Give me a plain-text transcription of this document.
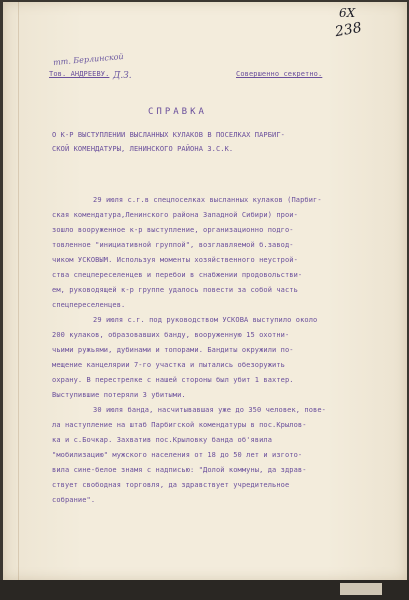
тт. Берлинской
Д.З.
6Х
238
Тов. АНДРЕЕВУ.	Совершенно секретно.
СПРАВКА
О К-Р ВЫСТУПЛЕНИИ ВЫСЛАННЫХ КУЛАКОВ В ПОСЕЛКАХ ПАРБИГ-
СКОЙ КОМЕНДАТУРЫ, ЛЕНИНСКОГО РАЙОНА З.С.К.
29 июля с.г.в спецпоселках высланных кулаков (Парбиг-
ская комендатура,Ленинского района Западной Сибири) прои-
зошло вооруженное к-р выступление, организационно подго-
товленное "инициативной группой", возглавляемой б.завод-
чиком УСКОВЫМ. Используя моменты хозяйственного неустрой-
ства спецпереселенцев и перебои в снабжении продовольстви-
ем, руководящей к-р группе удалось повести за собой часть
спецпереселенцев.
29 июля с.г. под руководством УСКОВА выступило около
200 кулаков, образовавших банду, вооруженную 15 охотни-
чьими ружьями, дубинами и топорами. Бандиты окружили по-
мещение канцелярии 7-го участка и пытались обезоружить
охрану. В перестрелке с нашей стороны был убит 1 вахтер.
Выступившие потеряли 3 убитыми.
30 июля банда, насчитывавшая уже до 350 человек, пове-
ла наступление на штаб Парбигской комендатуры в пос.Крылов-
ка и с.Бочкар. Захватив пос.Крыловку банда об'явила
"мобилизацию" мужского населения от 18 до 50 лет и изгото-
вила сине-белое знамя с надписью: "Долой коммуны, да здрав-
ствует свободная торговля, да здравствует учредительное
собрание".
